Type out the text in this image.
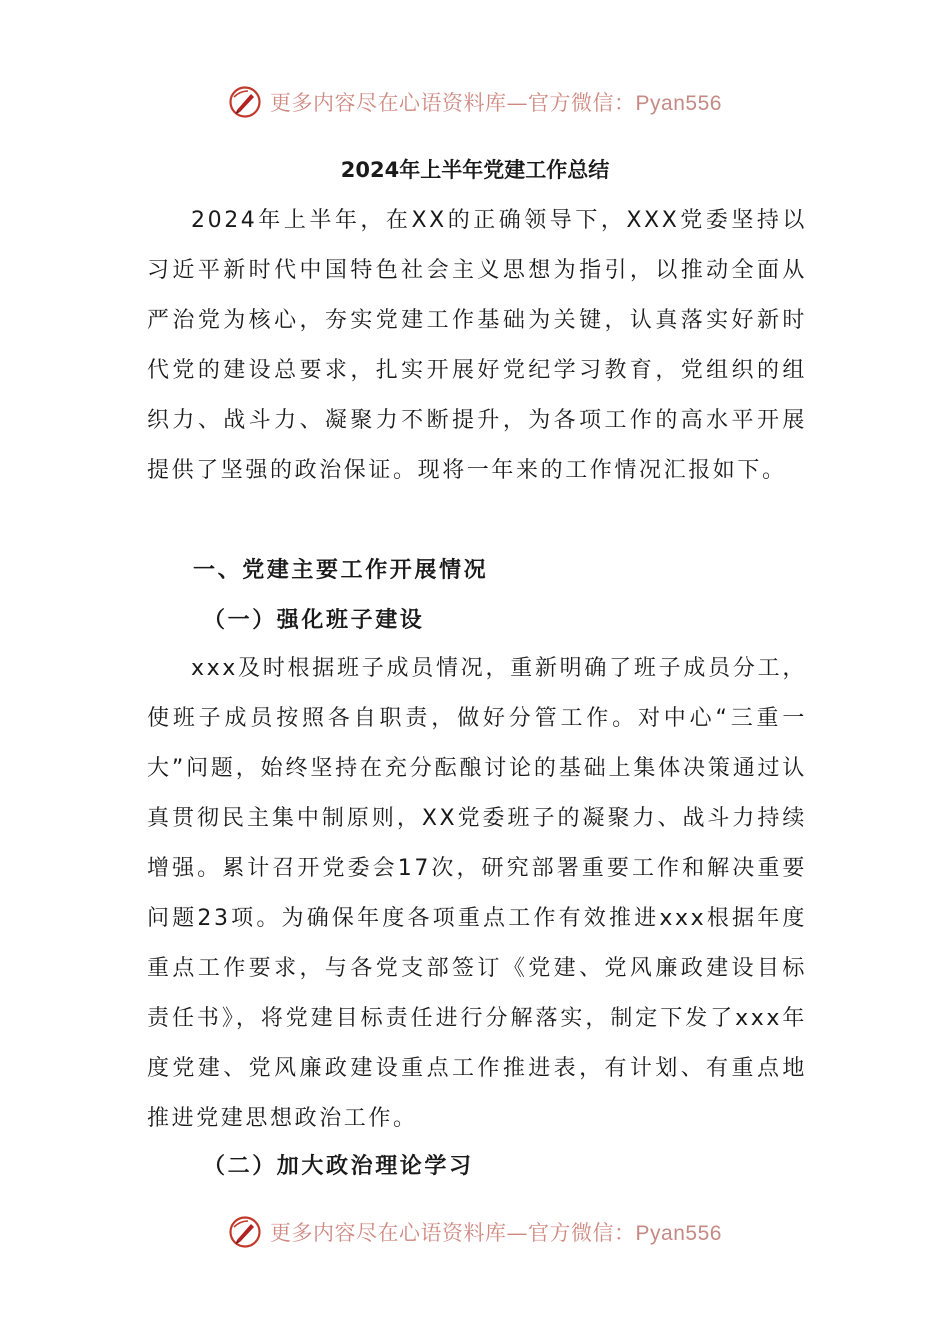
更多内容尽在心语资料库—官方微信：Pyan556
2024年上半年党建工作总结

2024年上半年，在XX的正确领导下，XXX党委坚持以习近平新时代中国特色社会主义思想为指引，以推动全面从严治党为核心，夯实党建工作基础为关键，认真落实好新时代党的建设总要求，扎实开展好党纪学习教育，党组织的组织力、战斗力、凝聚力不断提升，为各项工作的高水平开展提供了坚强的政治保证。现将一年来的工作情况汇报如下。

一、党建主要工作开展情况
（一）强化班子建设

xxx及时根据班子成员情况，重新明确了班子成员分工，使班子成员按照各自职责，做好分管工作。对中心“三重一大”问题，始终坚持在充分酝酿讨论的基础上集体决策通过认真贯彻民主集中制原则，XX党委班子的凝聚力、战斗力持续增强。累计召开党委会17次，研究部署重要工作和解决重要问题23项。为确保年度各项重点工作有效推进xxx根据年度重点工作要求，与各党支部签订《党建、党风廉政建设目标责任书》，将党建目标责任进行分解落实，制定下发了xxx年度党建、党风廉政建设重点工作推进表，有计划、有重点地推进党建思想政治工作。

（二）加大政治理论学习
更多内容尽在心语资料库—官方微信：Pyan556
